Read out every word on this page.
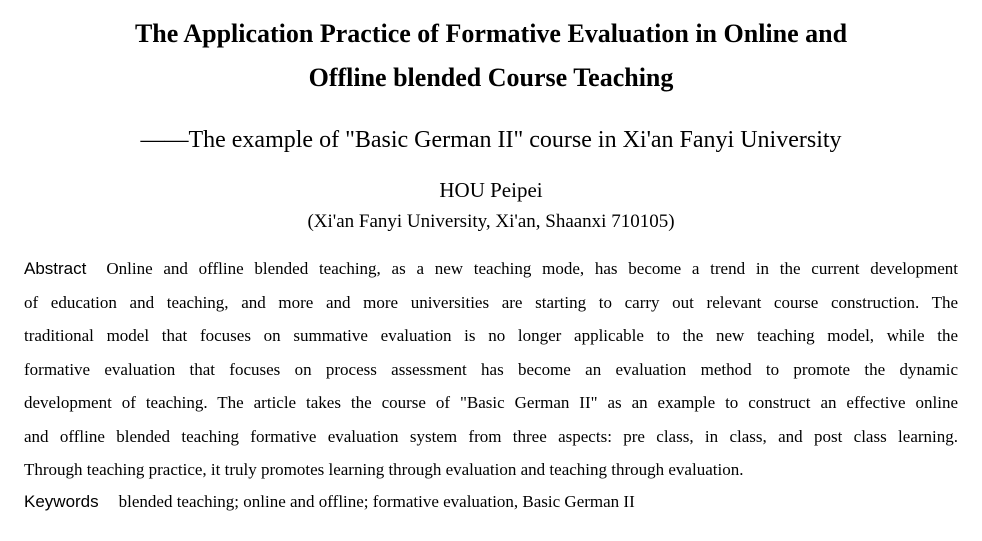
The Application Practice of Formative Evaluation in Online and
Offline blended Course Teaching
——The example of "Basic German II" course in Xi'an Fanyi University
HOU Peipei
(Xi'an Fanyi University, Xi'an, Shaanxi 710105)
Abstract Online and offline blended teaching, as a new teaching mode, has become a trend in the current development
of education and teaching, and more and more universities are starting to carry out relevant course construction. The
traditional model that focuses on summative evaluation is no longer applicable to the new teaching model, while the
formative evaluation that focuses on process assessment has become an evaluation method to promote the dynamic
development of teaching. The article takes the course of "Basic German II" as an example to construct an effective online
and offline blended teaching formative evaluation system from three aspects: pre class, in class, and post class learning.
Through teaching practice, it truly promotes learning through evaluation and teaching through evaluation.
Keywords blended teaching; online and offline; formative evaluation, Basic German II
